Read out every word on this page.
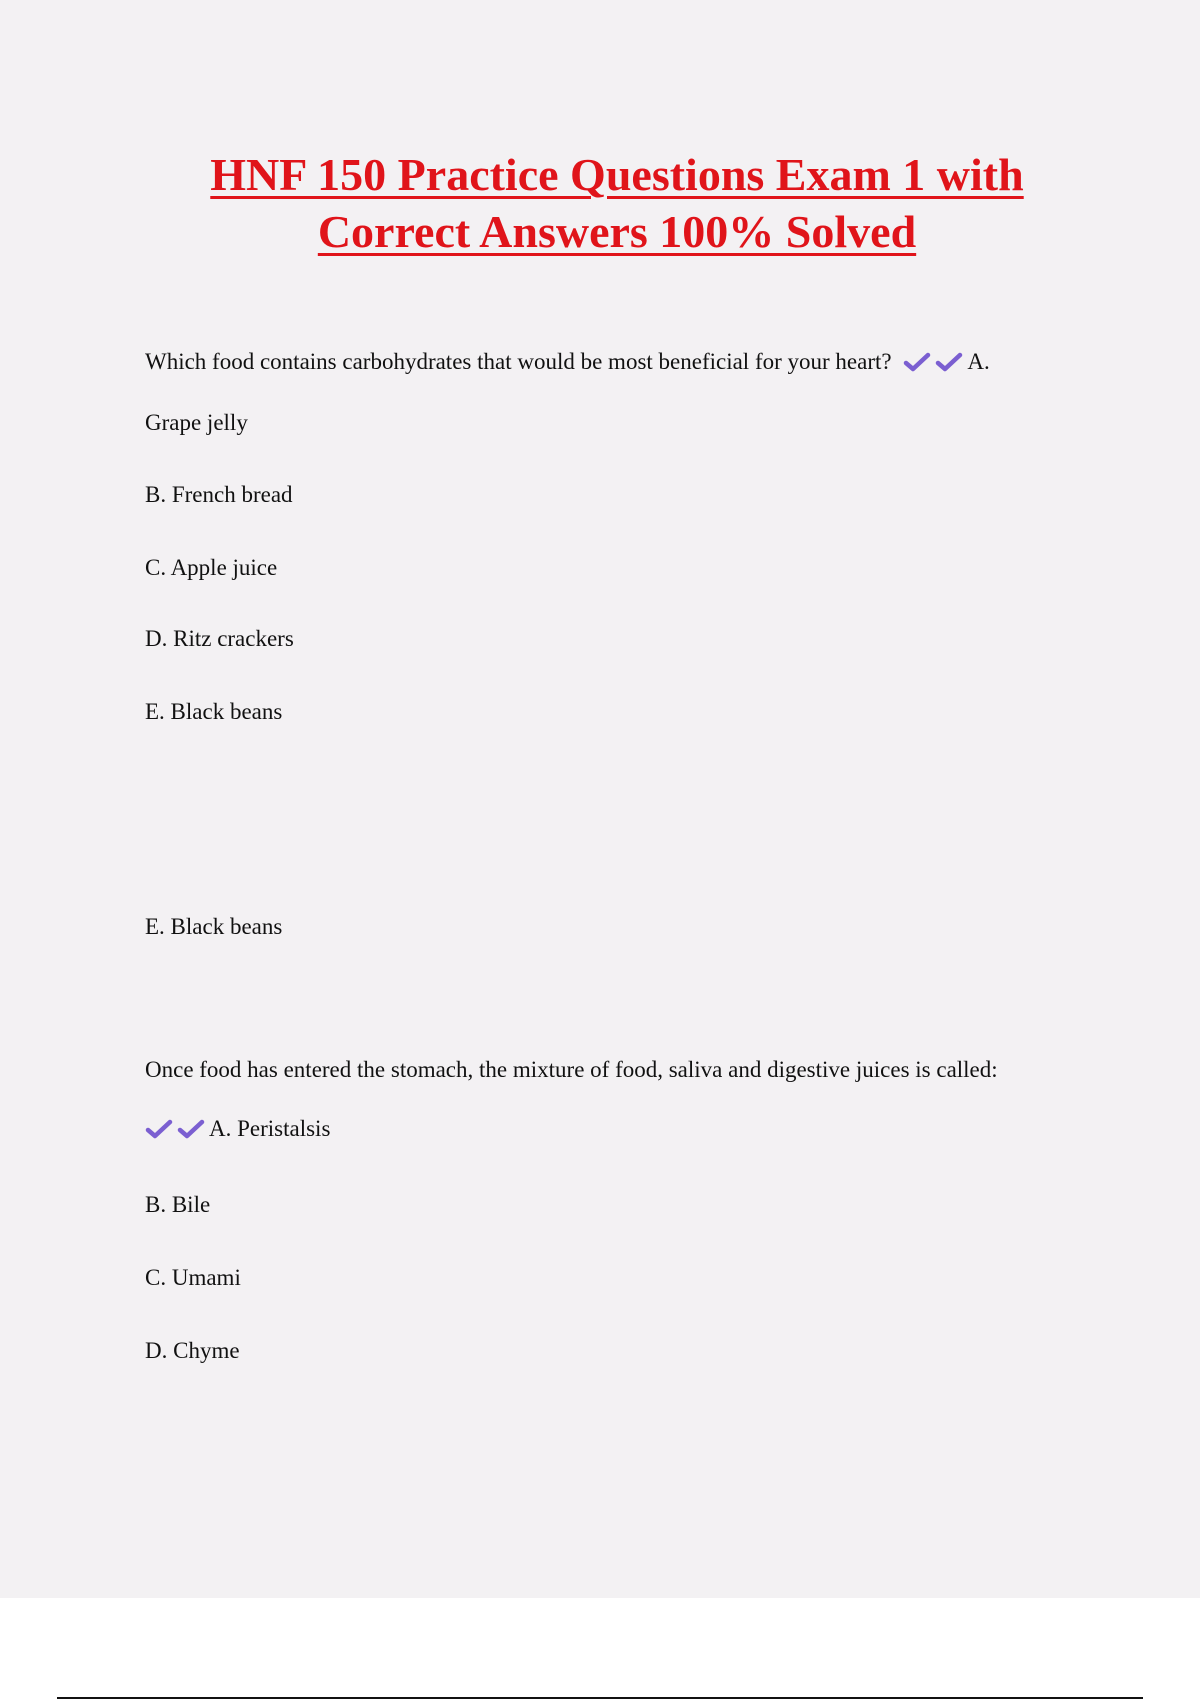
HNF 150 Practice Questions Exam 1 with Correct Answers 100% Solved

Which food contains carbohydrates that would be most beneficial for your heart?	A.

Grape jelly

B. French bread

C. Apple juice

D. Ritz crackers

E. Black beans

E. Black beans

Once food has entered the stomach, the mixture of food, saliva and digestive juices is called:

A. Peristalsis

B. Bile

C. Umami

D. Chyme
